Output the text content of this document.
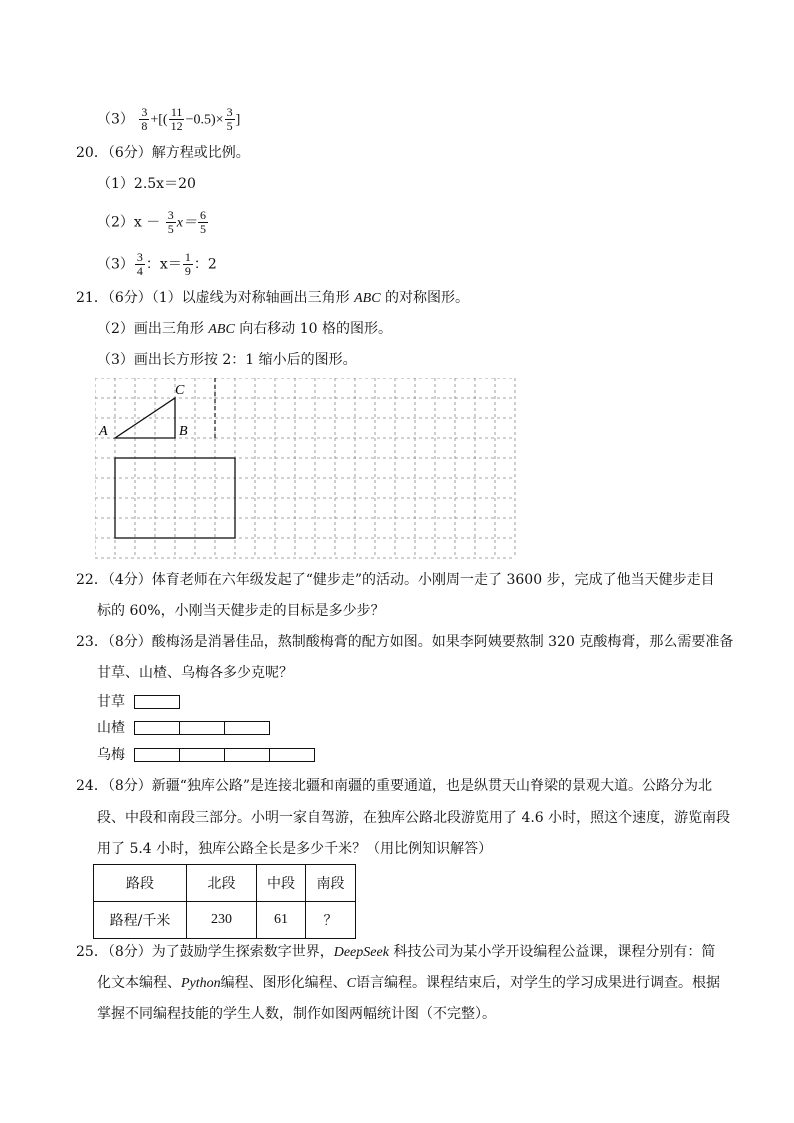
$(3) \frac{3}{8}$ +[( $\frac{11}{12} -0.5)\times \frac{3}{5}$ ]
20．（6分）解方程或比例。
（1）2.5x＝20
$(2)x - \frac{3}{5} x= \frac{6}{5}$
$(3) \frac{3}{4}$ ：$x= \frac{1}{9}$ ：2
21．（6分）（1）以虚线为对称轴画出三角形 ABC 的对称图形。
（2）画出三角形 ABC 向右移动 10 格的图形。
（3）画出长方形按 2：1 缩小后的图形。
A	B
C
22．（4分）体育老师在六年级发起了“健步走”的活动。小刚周一走了 3600 步，完成了他当天健步走目
标的 60%，小刚当天健步走的目标是多少步？
23．（8分）酸梅汤是消暑佳品，熬制酸梅膏的配方如图。如果李阿姨要熬制 320 克酸梅膏，那么需要准备
甘草、山楂、乌梅各多少克呢？
甘草
山楂
乌梅
24．（8分）新疆“独库公路”是连接北疆和南疆的重要通道，也是纵贯天山脊梁的景观大道。公路分为北
段、中段和南段三部分。小明一家自驾游，在独库公路北段游览用了 4.6 小时，照这个速度，游览南段
用了 5.4 小时，独库公路全长是多少千米？（用比例知识解答）
路段	北段	中段	南段
路程/千米	230	61	？
25．（8分）为了鼓励学生探索数字世界，DeepSeek 科技公司为某小学开设编程公益课，课程分别有：简
化文本编程、Python编程、图形化编程、C语言编程。课程结束后，对学生的学习成果进行调查。根据
掌握不同编程技能的学生人数，制作如图两幅统计图（不完整）。
